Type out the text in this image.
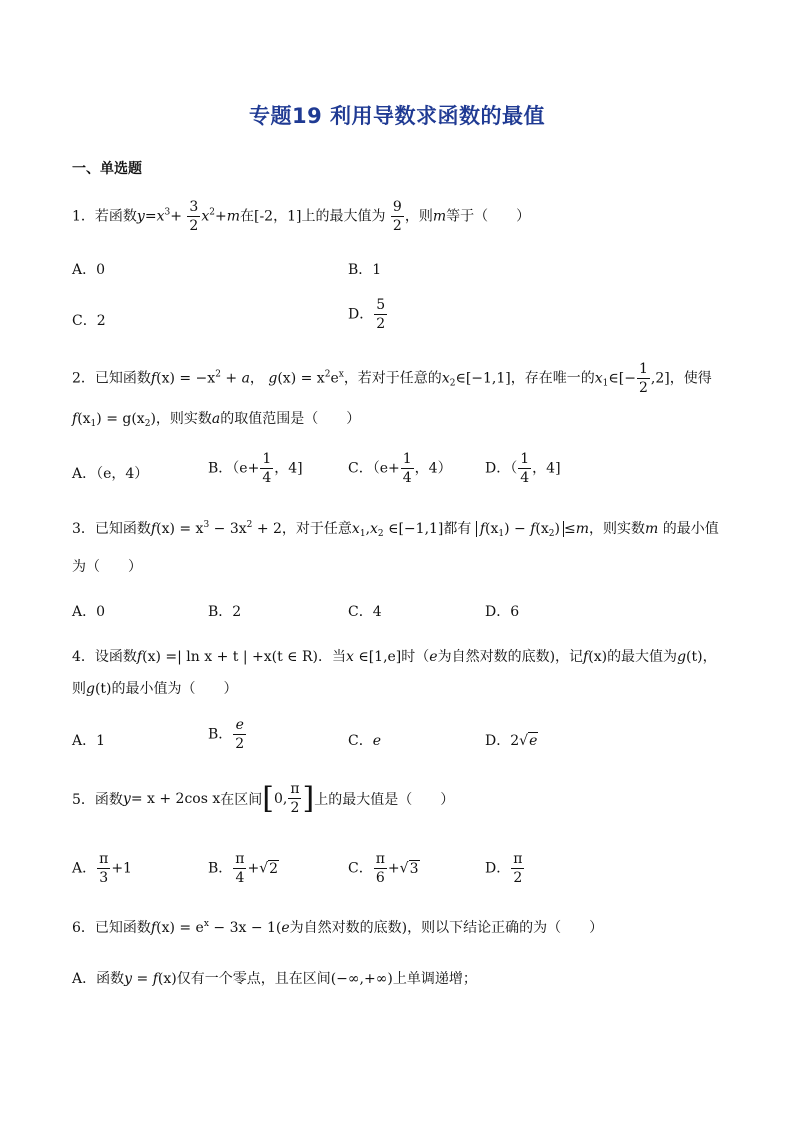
专题19 利用导数求函数的最值
一、单选题
1．若函数$y=x^3+ \frac{3}{2} x^2+m$在[-2，1]上的最大值为 $\frac{9}{2}$ ，则m等于（　　）
A．0	B．1
C．2	D． $\frac{5}{2}$
2．已知函数$f(x) = -x^2 + a$， $g(x) = x^2e^x$，若对于任意的$x_2\in[-1,1]$，存在唯一的$x_1\in[- \frac{1}{2} ,2]$，使得
$f(x_1) = g(x_2)$，则实数a的取值范围是（　　）
A．（e，4）	B．（$e+ \frac{1}{4}$ ，4]	C．（$e+ \frac{1}{4}$ ，4） D．（ $\frac{1}{4}$ ，4]
3．已知函数$f(x) = x^3 - 3x^2 + 2$，对于任意$x_1,x_2$ ∈[−1,1]都有 $f(x_1) - f(x_2) \le m$，则实数m 的最小值
为（　　）
A．0	B．2	C．4	D．6
4．设函数f(x) =| ln x + t | +x(t ∈ R)．当x ∈[1,e]时（e为自然对数的底数)，记f(x)的最大值为g(t)，
则g(t)的最小值为（　　）
A．1	B． $\frac{e}{2}$	C．e	D．2√e
5．函数 y = x + 2cos x 在区间 [ 0, $\frac{\pi}{2}$ ] 上的最大值是（　　）
A． $\frac{\pi}{3} +1$	B． $\frac{\pi}{4} +√2$	C． $\frac{\pi}{6} +√3$	D． $\frac{\pi}{2}$
6．已知函数$f(x) = e^x - 3x - 1(e$为自然对数的底数)，则以下结论正确的为（　　）
A．函数y = f(x)仅有一个零点，且在区间(−∞,+∞)上单调递增；
